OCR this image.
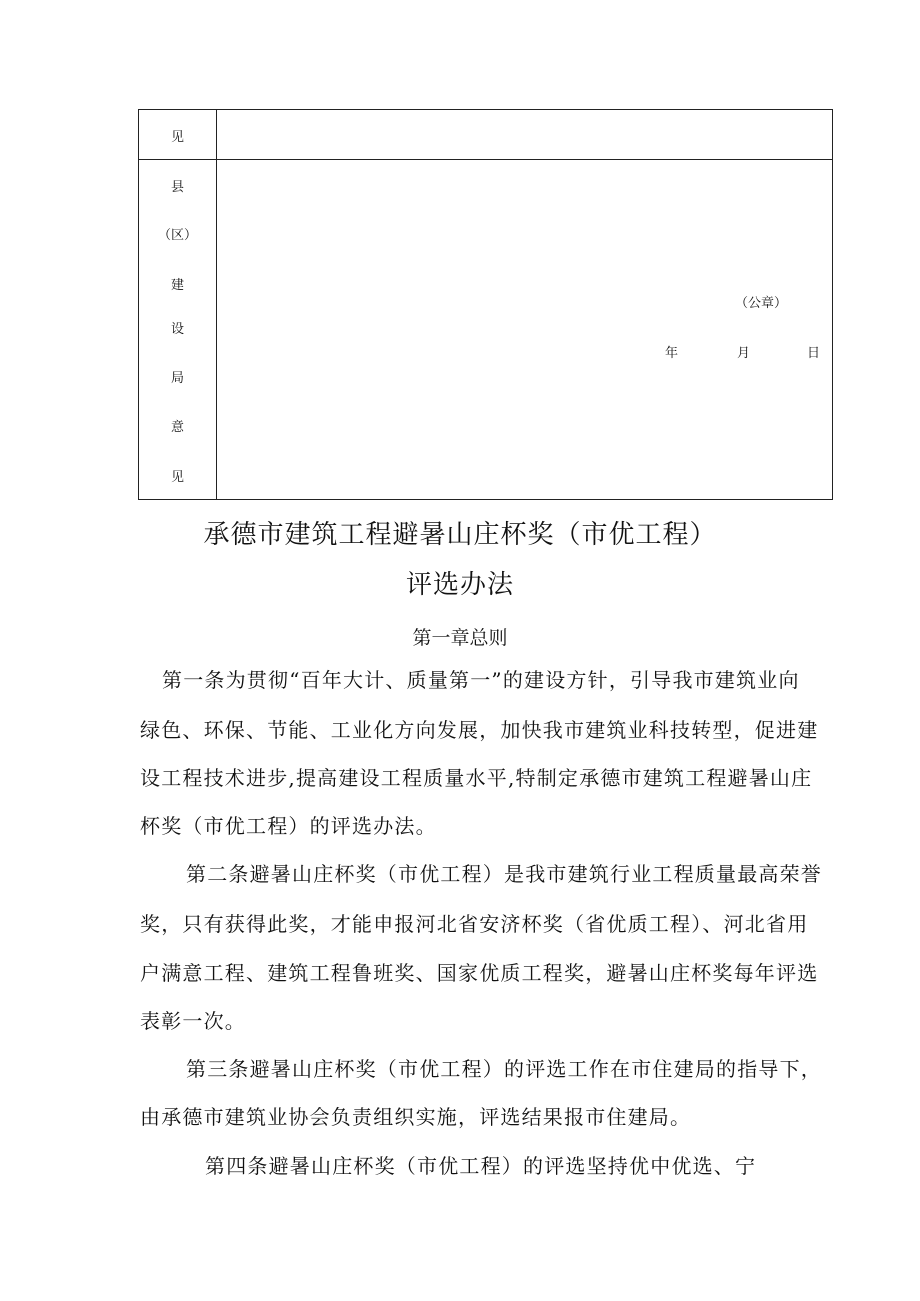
见
县
（区）
建
设
局
意
见
（公章）
年	月	日
承德市建筑工程避暑山庄杯奖（市优工程）
评选办法
第一章总则
第一条为贯彻“百年大计、质量第一”的建设方针，引导我市建筑业向
绿色、环保、节能、工业化方向发展，加快我市建筑业科技转型，促进建
设工程技术进步,提高建设工程质量水平,特制定承德市建筑工程避暑山庄
杯奖（市优工程）的评选办法。
第二条避暑山庄杯奖（市优工程）是我市建筑行业工程质量最高荣誉
奖，只有获得此奖，才能申报河北省安济杯奖（省优质工程）、河北省用
户满意工程、建筑工程鲁班奖、国家优质工程奖，避暑山庄杯奖每年评选
表彰一次。
第三条避暑山庄杯奖（市优工程）的评选工作在市住建局的指导下，
由承德市建筑业协会负责组织实施，评选结果报市住建局。
第四条避暑山庄杯奖（市优工程）的评选坚持优中优选、宁
